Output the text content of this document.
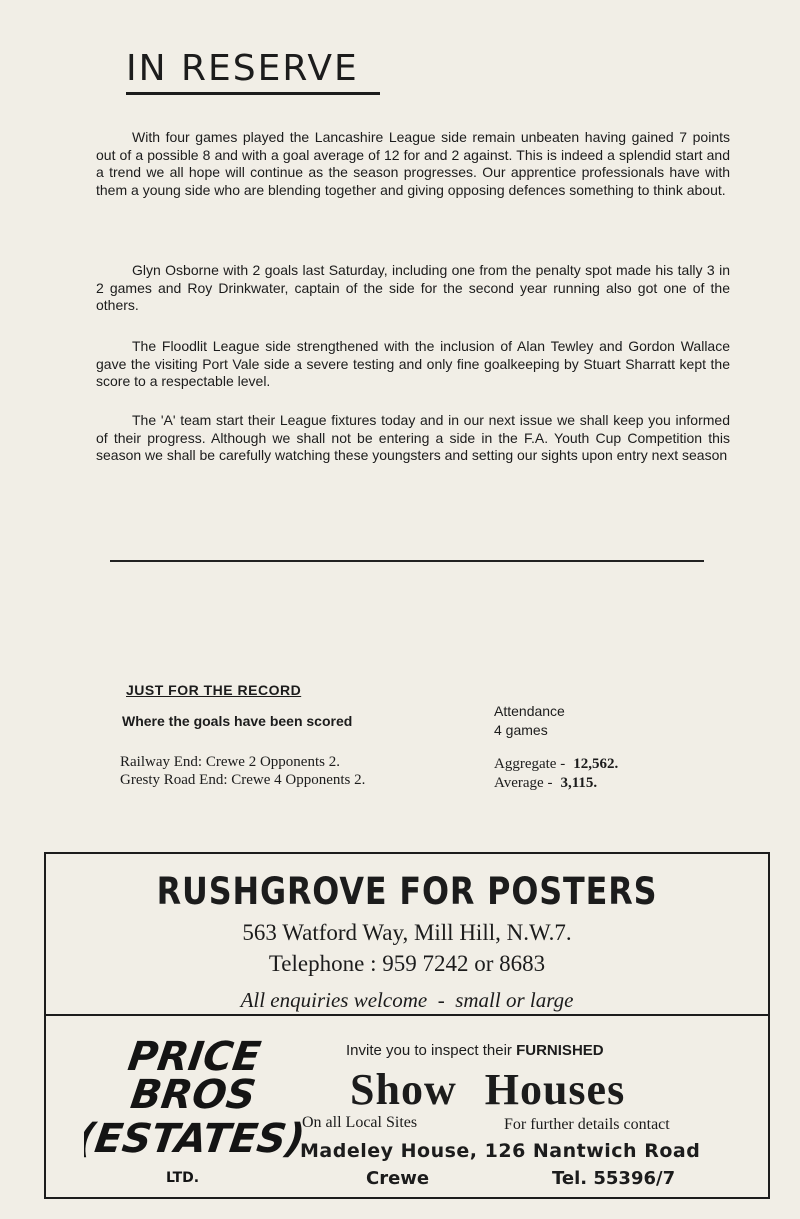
IN RESERVE

With four games played the Lancashire League side remain unbeaten having gained 7 points out of a possible 8 and with a goal average of 12 for and 2 against. This is indeed a splendid start and a trend we all hope will continue as the season progresses. Our apprentice professionals have with them a young side who are blending together and giving opposing defences something to think about.

Glyn Osborne with 2 goals last Saturday, including one from the penalty spot made his tally 3 in 2 games and Roy Drinkwater, captain of the side for the second year running also got one of the others.

The Floodlit League side strengthened with the inclusion of Alan Tewley and Gordon Wallace gave the visiting Port Vale side a severe testing and only fine goalkeeping by Stuart Sharratt kept the score to a respectable level.

The 'A' team start their League fixtures today and in our next issue we shall keep you informed of their progress. Although we shall not be entering a side in the F.A. Youth Cup Competition this season we shall be carefully watching these youngsters and setting our sights upon entry next season

JUST FOR THE RECORD
Where the goals have been scored
Attendance
4 games
Railway End: Crewe 2 Opponents 2.
Gresty Road End: Crewe 4 Opponents 2.
Aggregate - 12,562.
Average - 3,115.
RUSHGROVE FOR POSTERS
563 Watford Way, Mill Hill, N.W.7.
Telephone : 959 7242 or 8683
All enquiries welcome - small or large
PRICE
BROS
(ESTATES)
LTD.
Invite you to inspect their FURNISHED
Show Houses
On all Local Sites	For further details contact
Madeley House, 126 Nantwich Road
Crewe	Tel. 55396/7
